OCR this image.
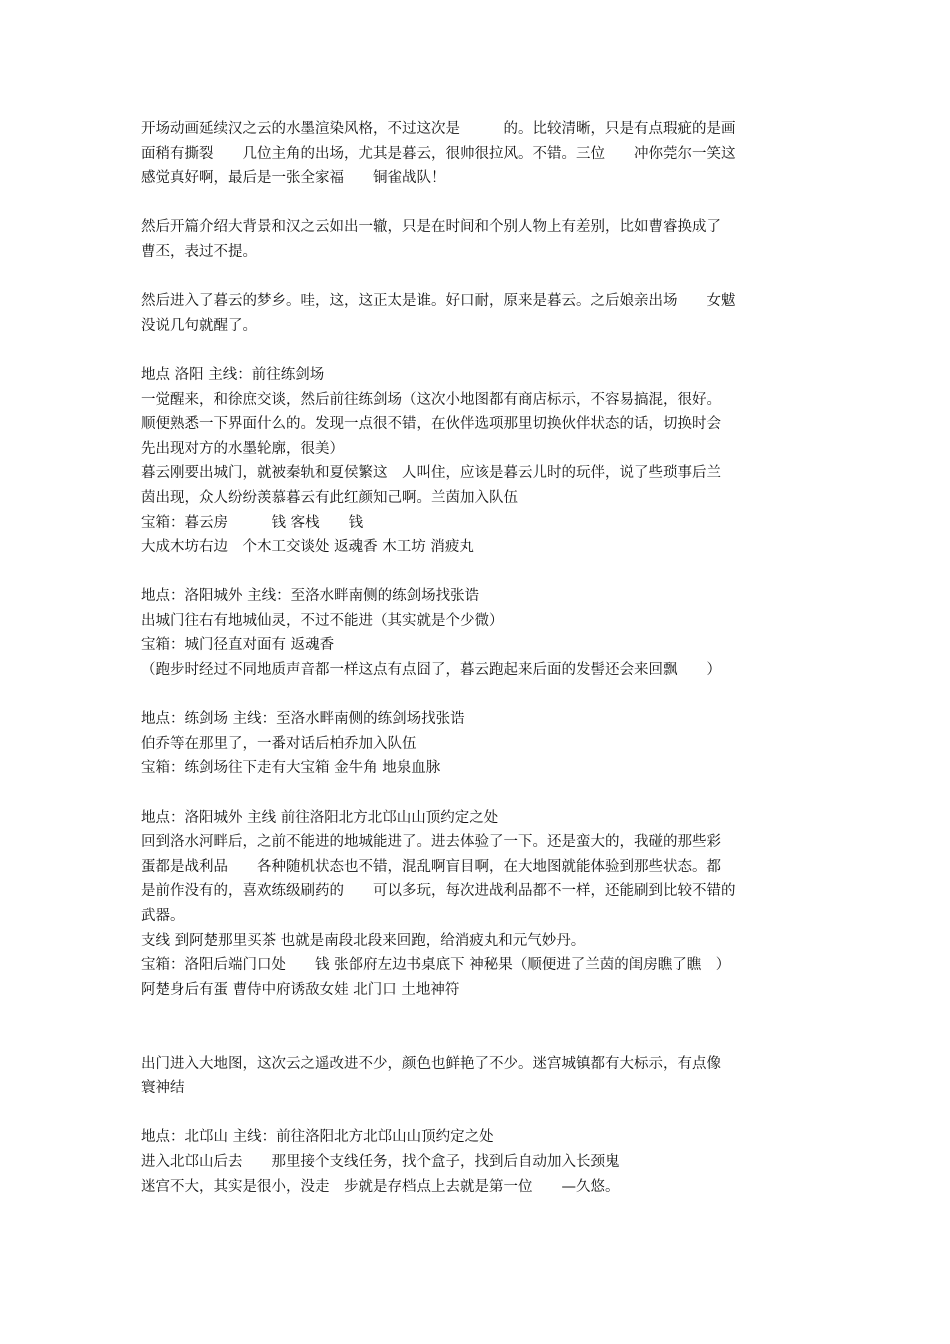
开场动画延续汉之云的水墨渲染风格，不过这次是　　　的。比较清晰，只是有点瑕疵的是画
面稍有撕裂　　几位主角的出场，尤其是暮云，很帅很拉风。不错。三位　　冲你莞尔一笑这
感觉真好啊，最后是一张全家福　　铜雀战队！
然后开篇介绍大背景和汉之云如出一辙，只是在时间和个别人物上有差别，比如曹睿换成了
曹丕，表过不提。
然后进入了暮云的梦乡。哇，这，这正太是谁。好口耐，原来是暮云。之后娘亲出场　　女魃
没说几句就醒了。
地点 洛阳 主线：前往练剑场
一觉醒来，和徐庶交谈，然后前往练剑场（这次小地图都有商店标示，不容易搞混，很好。
顺便熟悉一下界面什么的。发现一点很不错，在伙伴选项那里切换伙伴状态的话，切换时会
先出现对方的水墨轮廓，很美）
暮云刚要出城门，就被秦轨和夏侯繁这　人叫住，应该是暮云儿时的玩伴，说了些琐事后兰
茵出现，众人纷纷羡慕暮云有此红颜知己啊。兰茵加入队伍
宝箱：暮云房　　　钱 客栈　　钱
大成木坊右边　个木工交谈处 返魂香 木工坊 消疲丸
地点：洛阳城外 主线：至洛水畔南侧的练剑场找张诰
出城门往右有地城仙灵，不过不能进（其实就是个少微）
宝箱：城门径直对面有 返魂香
（跑步时经过不同地质声音都一样这点有点囧了，暮云跑起来后面的发髻还会来回飘　　）
地点：练剑场 主线：至洛水畔南侧的练剑场找张诰
伯乔等在那里了，一番对话后柏乔加入队伍
宝箱：练剑场往下走有大宝箱 金牛角 地泉血脉
地点：洛阳城外 主线 前往洛阳北方北邙山山顶约定之处
回到洛水河畔后，之前不能进的地城能进了。进去体验了一下。还是蛮大的，我碰的那些彩
蛋都是战利品　　各种随机状态也不错，混乱啊盲目啊，在大地图就能体验到那些状态。都
是前作没有的，喜欢练级刷药的　　可以多玩，每次进战利品都不一样，还能刷到比较不错的
武器。
支线 到阿楚那里买茶 也就是南段北段来回跑，给消疲丸和元气妙丹。
宝箱：洛阳后端门口处　　钱 张郃府左边书桌底下 神秘果（顺便进了兰茵的闺房瞧了瞧　）
阿楚身后有蛋 曹侍中府诱敌女娃 北门口 土地神符
出门进入大地图，这次云之遥改进不少，颜色也鲜艳了不少。迷宫城镇都有大标示，有点像
寰神结
地点：北邙山 主线：前往洛阳北方北邙山山顶约定之处
进入北邙山后去　　那里接个支线任务，找个盒子，找到后自动加入长颈鬼
迷宫不大，其实是很小，没走　步就是存档点上去就是第一位　　—久悠。
